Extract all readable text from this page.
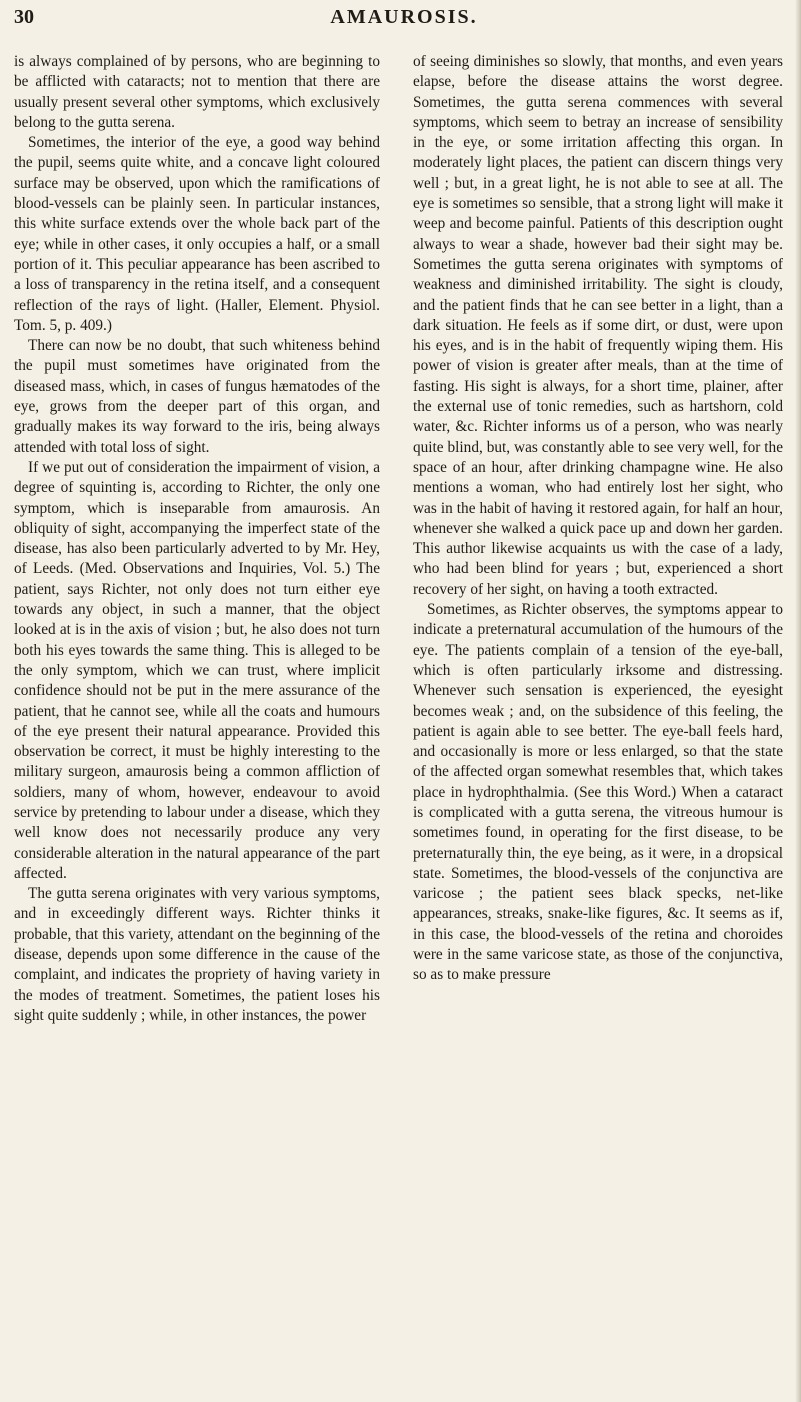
30	AMAUROSIS.

is always complained of by persons, who are beginning to be afflicted with cataracts; not to mention that there are usually present several other symptoms, which exclusively belong to the gutta serena.

Sometimes, the interior of the eye, a good way behind the pupil, seems quite white, and a concave light coloured surface may be observed, upon which the ramifications of blood-vessels can be plainly seen. In particular instances, this white surface extends over the whole back part of the eye; while in other cases, it only occupies a half, or a small portion of it. This peculiar appearance has been ascribed to a loss of transparency in the retina itself, and a consequent reflection of the rays of light. (Haller, Element. Physiol. Tom. 5, p. 409.)

There can now be no doubt, that such whiteness behind the pupil must sometimes have originated from the diseased mass, which, in cases of fungus hæmatodes of the eye, grows from the deeper part of this organ, and gradually makes its way forward to the iris, being always attended with total loss of sight.

If we put out of consideration the impairment of vision, a degree of squinting is, according to Richter, the only one symptom, which is inseparable from amaurosis. An obliquity of sight, accompanying the imperfect state of the disease, has also been particularly adverted to by Mr. Hey, of Leeds. (Med. Observations and Inquiries, Vol. 5.) The patient, says Richter, not only does not turn either eye towards any object, in such a manner, that the object looked at is in the axis of vision ; but, he also does not turn both his eyes towards the same thing. This is alleged to be the only symptom, which we can trust, where implicit confidence should not be put in the mere assurance of the patient, that he cannot see, while all the coats and humours of the eye present their natural appearance. Provided this observation be correct, it must be highly interesting to the military surgeon, amaurosis being a common affliction of soldiers, many of whom, however, endeavour to avoid service by pretending to labour under a disease, which they well know does not necessarily produce any very considerable alteration in the natural appearance of the part affected.

The gutta serena originates with very various symptoms, and in exceedingly different ways. Richter thinks it probable, that this variety, attendant on the beginning of the disease, depends upon some difference in the cause of the complaint, and indicates the propriety of having variety in the modes of treatment. Sometimes, the patient loses his sight quite suddenly ; while, in other instances, the power

of seeing diminishes so slowly, that months, and even years elapse, before the disease attains the worst degree. Sometimes, the gutta serena commences with several symptoms, which seem to betray an increase of sensibility in the eye, or some irritation affecting this organ. In moderately light places, the patient can discern things very well ; but, in a great light, he is not able to see at all. The eye is sometimes so sensible, that a strong light will make it weep and become painful. Patients of this description ought always to wear a shade, however bad their sight may be. Sometimes the gutta serena originates with symptoms of weakness and diminished irritability. The sight is cloudy, and the patient finds that he can see better in a light, than a dark situation. He feels as if some dirt, or dust, were upon his eyes, and is in the habit of frequently wiping them. His power of vision is greater after meals, than at the time of fasting. His sight is always, for a short time, plainer, after the external use of tonic remedies, such as hartshorn, cold water, &c. Richter informs us of a person, who was nearly quite blind, but, was constantly able to see very well, for the space of an hour, after drinking champagne wine. He also mentions a woman, who had entirely lost her sight, who was in the habit of having it restored again, for half an hour, whenever she walked a quick pace up and down her garden. This author likewise acquaints us with the case of a lady, who had been blind for years ; but, experienced a short recovery of her sight, on having a tooth extracted.

Sometimes, as Richter observes, the symptoms appear to indicate a preternatural accumulation of the humours of the eye. The patients complain of a tension of the eye-ball, which is often particularly irksome and distressing. Whenever such sensation is experienced, the eyesight becomes weak ; and, on the subsidence of this feeling, the patient is again able to see better. The eye-ball feels hard, and occasionally is more or less enlarged, so that the state of the affected organ somewhat resembles that, which takes place in hydrophthalmia. (See this Word.) When a cataract is complicated with a gutta serena, the vitreous humour is sometimes found, in operating for the first disease, to be preternaturally thin, the eye being, as it were, in a dropsical state. Sometimes, the blood-vessels of the conjunctiva are varicose ; the patient sees black specks, net-like appearances, streaks, snake-like figures, &c. It seems as if, in this case, the blood-vessels of the retina and choroides were in the same varicose state, as those of the conjunctiva, so as to make pressure
